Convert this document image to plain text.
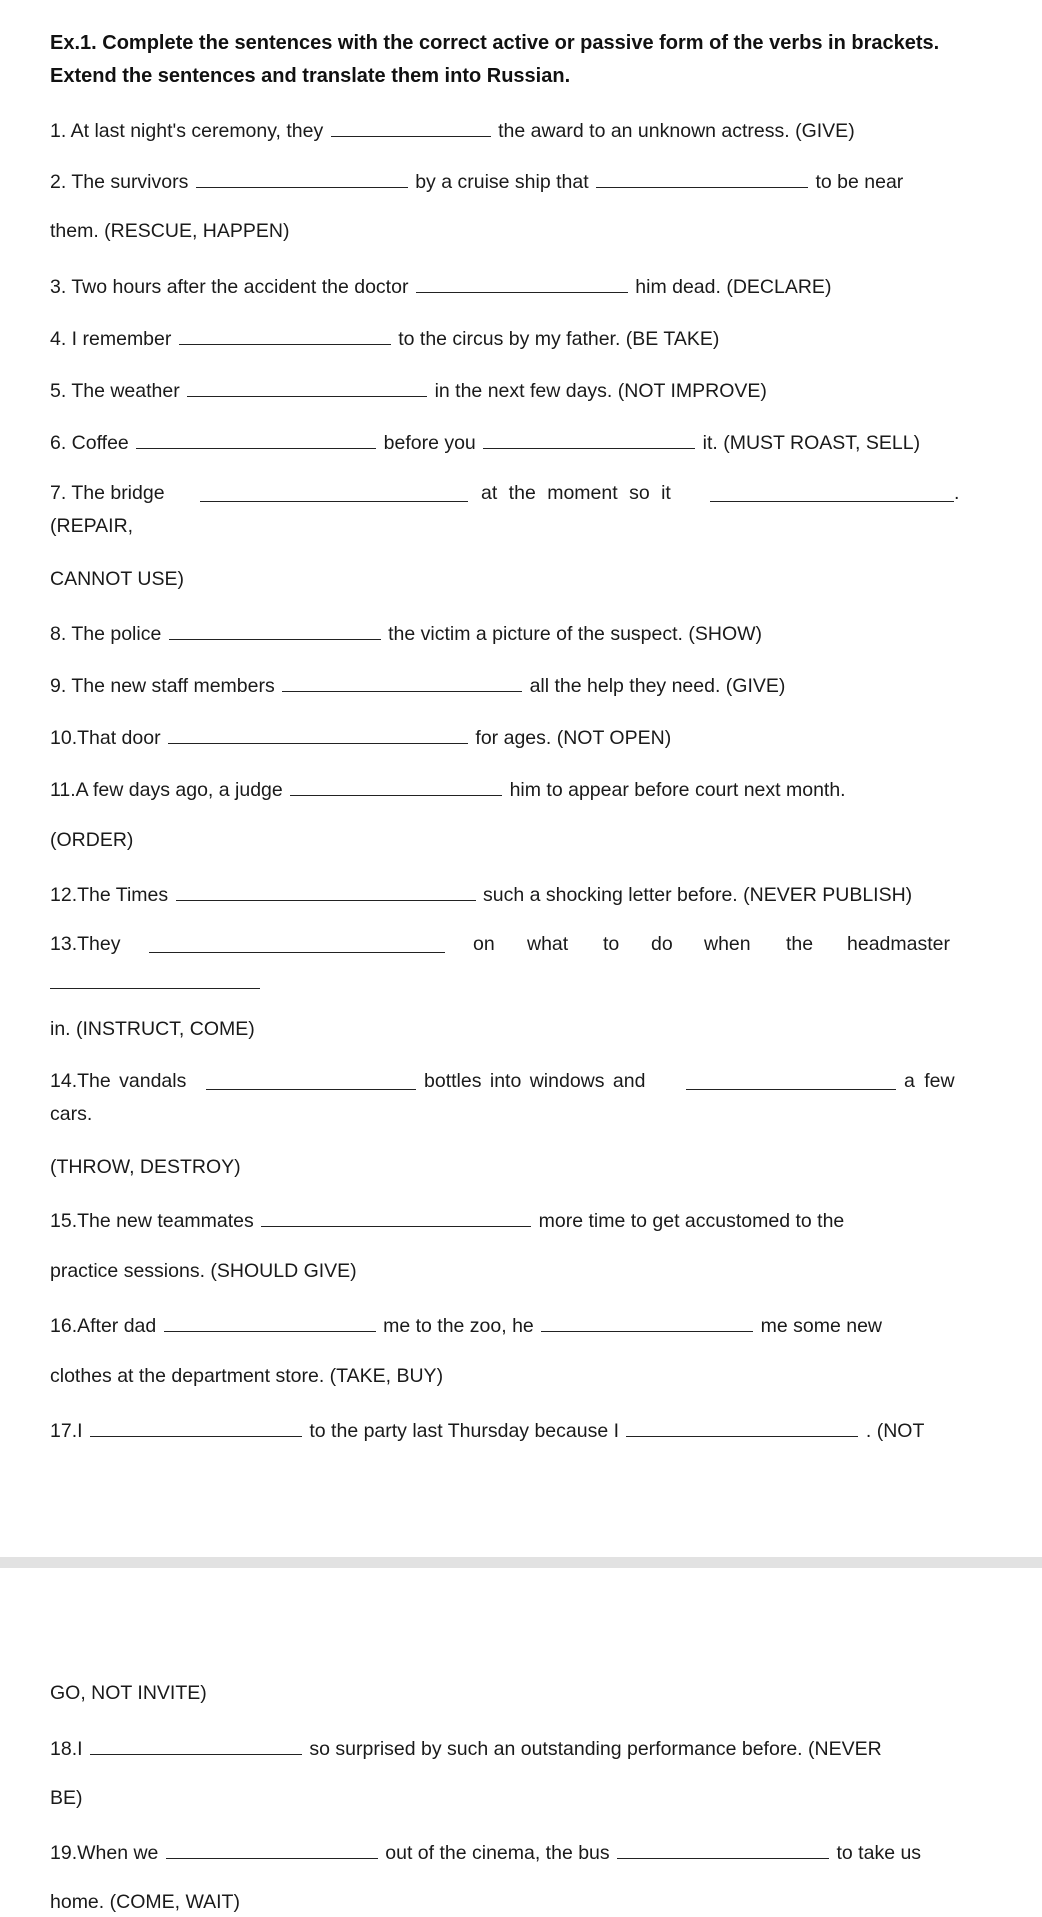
Ex.1. Complete the sentences with the correct active or passive form of the verbs in brackets.
Extend the sentences and translate them into Russian.
1. At last night's ceremony, they	the award to an unknown actress. (GIVE)
2. The survivors	by a cruise ship that	to be near
them. (RESCUE, HAPPEN)
3. Two hours after the accident the doctor	him dead. (DECLARE)
4. I remember	to the circus by my father. (BE TAKE)
5. The weather	in the next few days. (NOT IMPROVE)
6. Coffee	before you	it. (MUST ROAST, SELL)
7. The bridge	at the moment so it	.
(REPAIR,
CANNOT USE)
8. The police	the victim a picture of the suspect. (SHOW)
9. The new staff members	all the help they need. (GIVE)
10.That door	for ages. (NOT OPEN)
11.A few days ago, a judge	him to appear before court next month.
(ORDER)
12.The Times	such a shocking letter before. (NEVER PUBLISH)
13.They	on what to do when the headmaster
in. (INSTRUCT, COME)
14.The vandals	bottles into windows and	a few
cars.
(THROW, DESTROY)
15.The new teammates	more time to get accustomed to the
practice sessions. (SHOULD GIVE)
16.After dad	me to the zoo, he	me some new
clothes at the department store. (TAKE, BUY)
17.I	to the party last Thursday because I	. (NOT
GO, NOT INVITE)
18.I	so surprised by such an outstanding performance before. (NEVER
BE)
19.When we	out of the cinema, the bus	to take us
home. (COME, WAIT)
